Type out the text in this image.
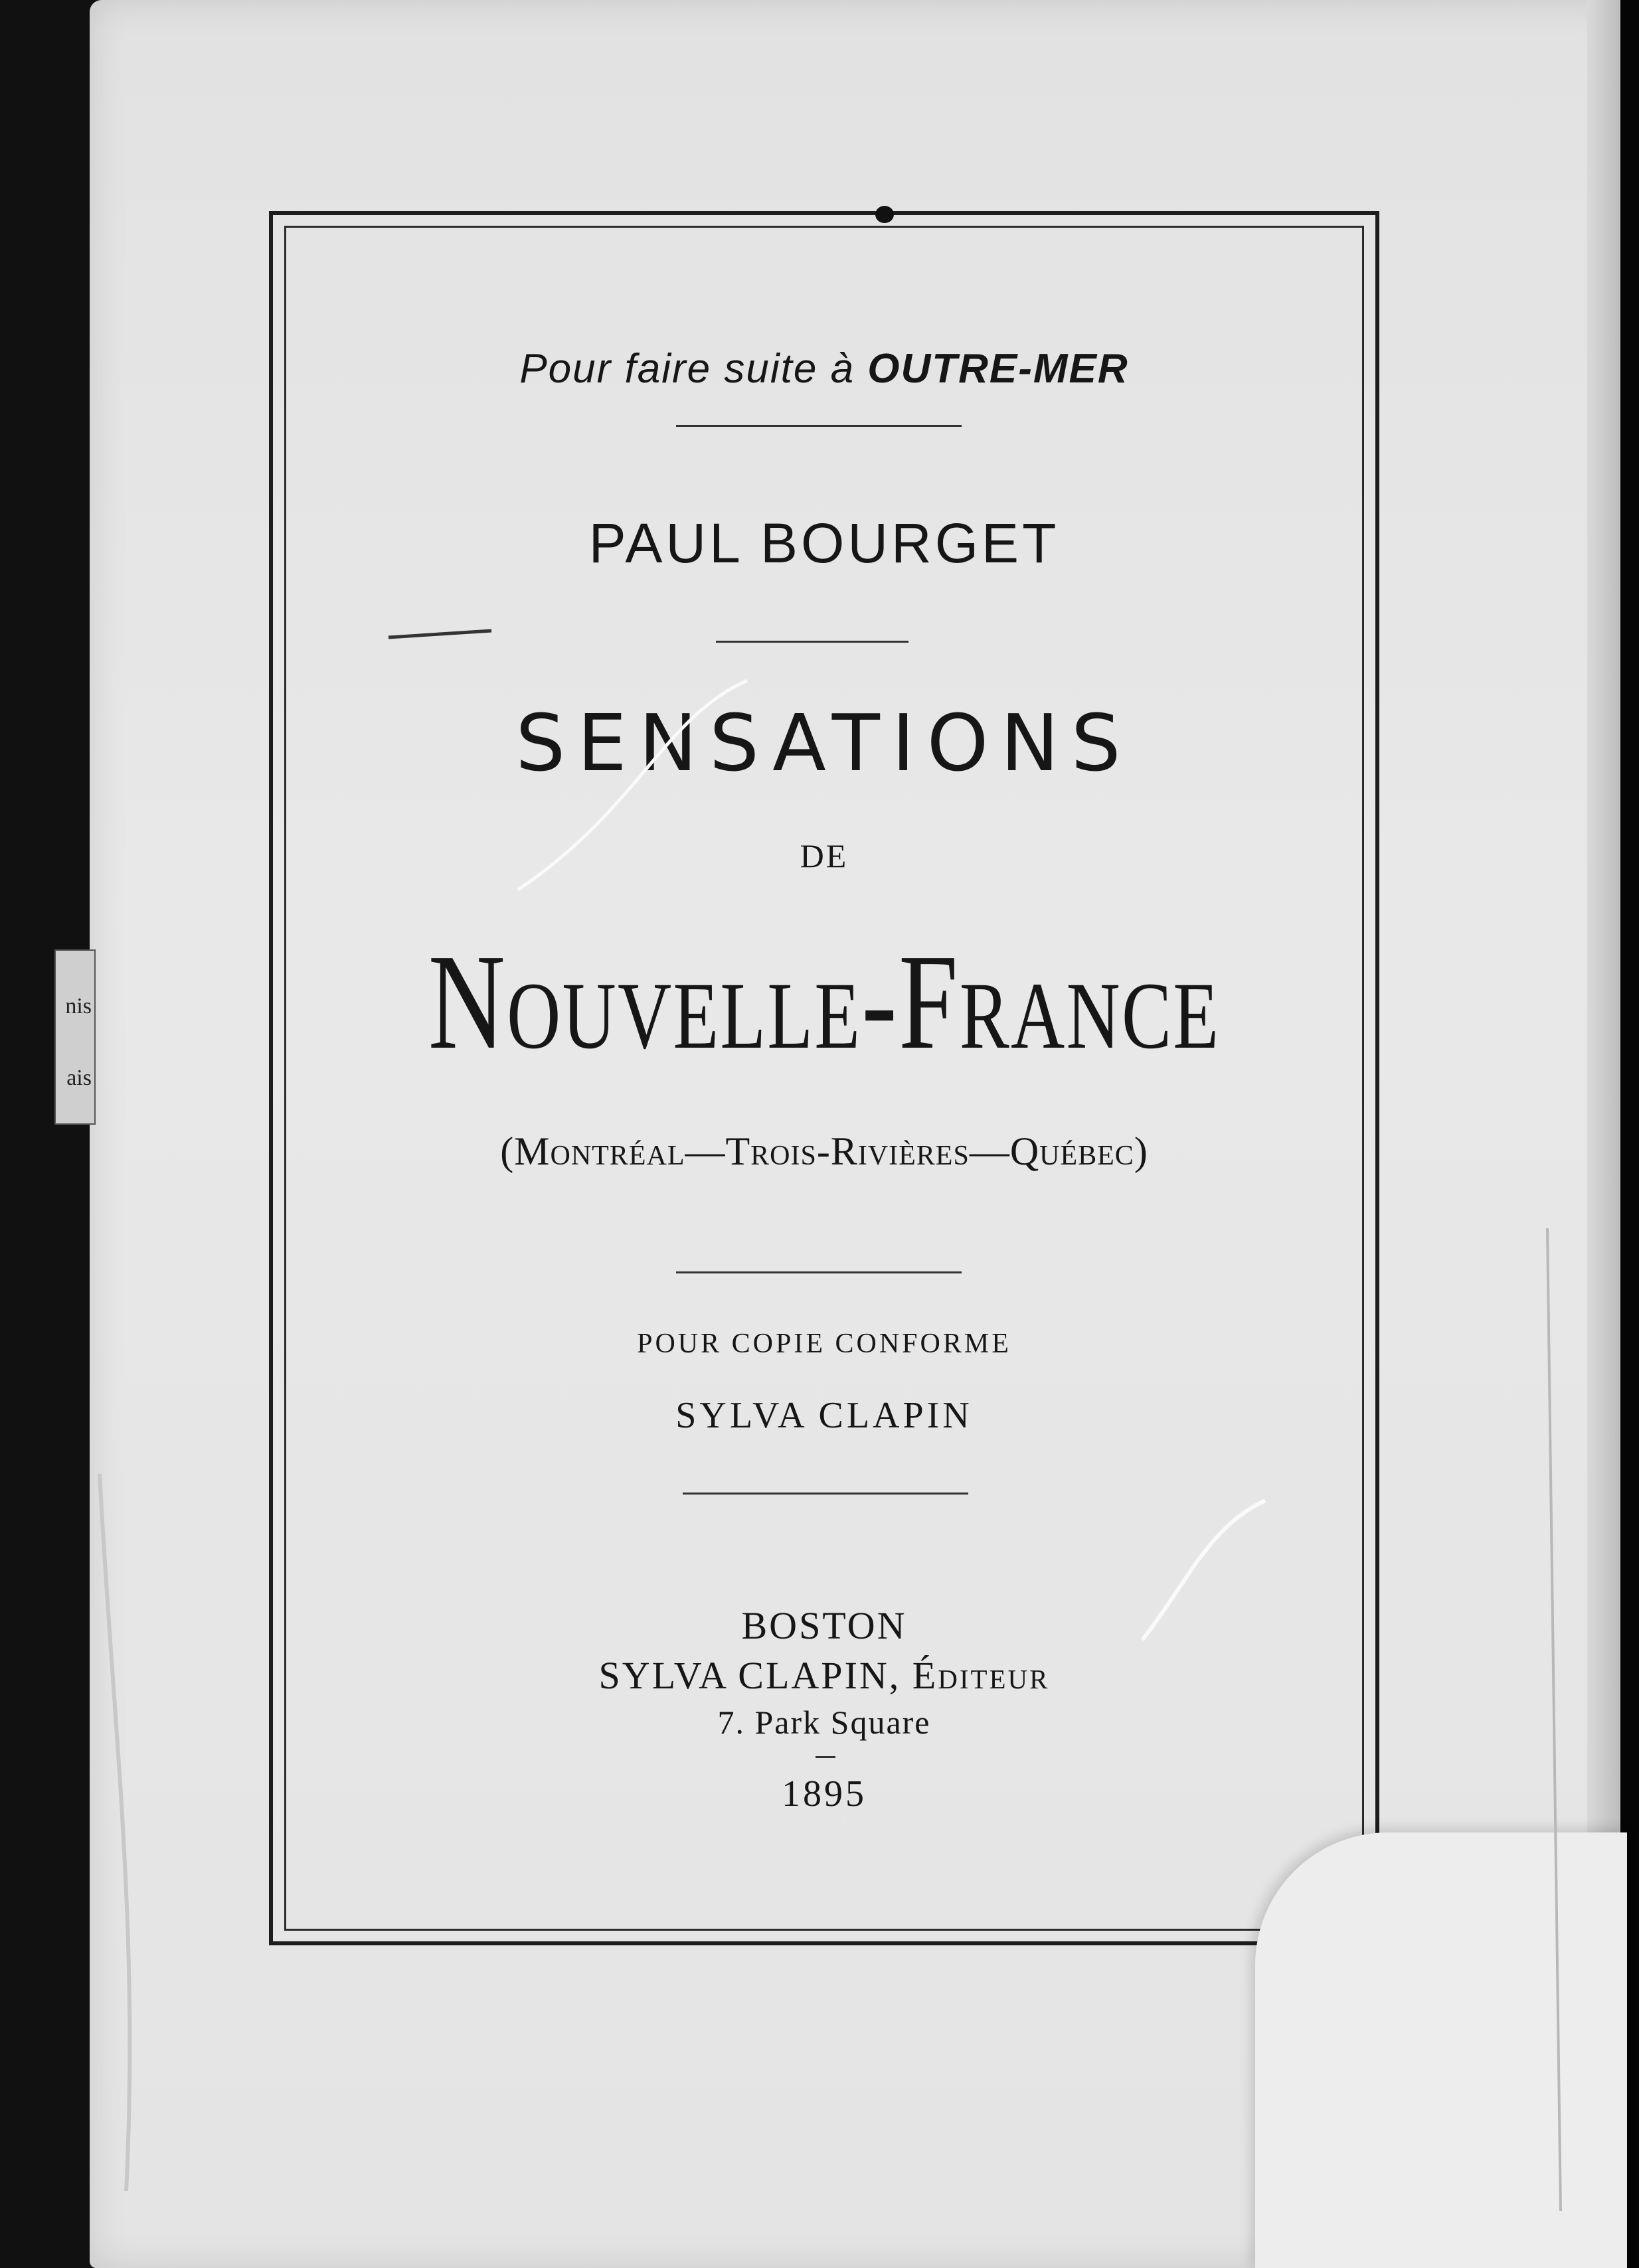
nis
ais
Pour faire suite à OUTRE-MER
PAUL BOURGET
SENSATIONS
DE
Nouvelle-France
(Montréal—Trois-Rivières—Québec)
POUR COPIE CONFORME
SYLVA CLAPIN
BOSTON
SYLVA CLAPIN, Éditeur
7. Park Square
1895
